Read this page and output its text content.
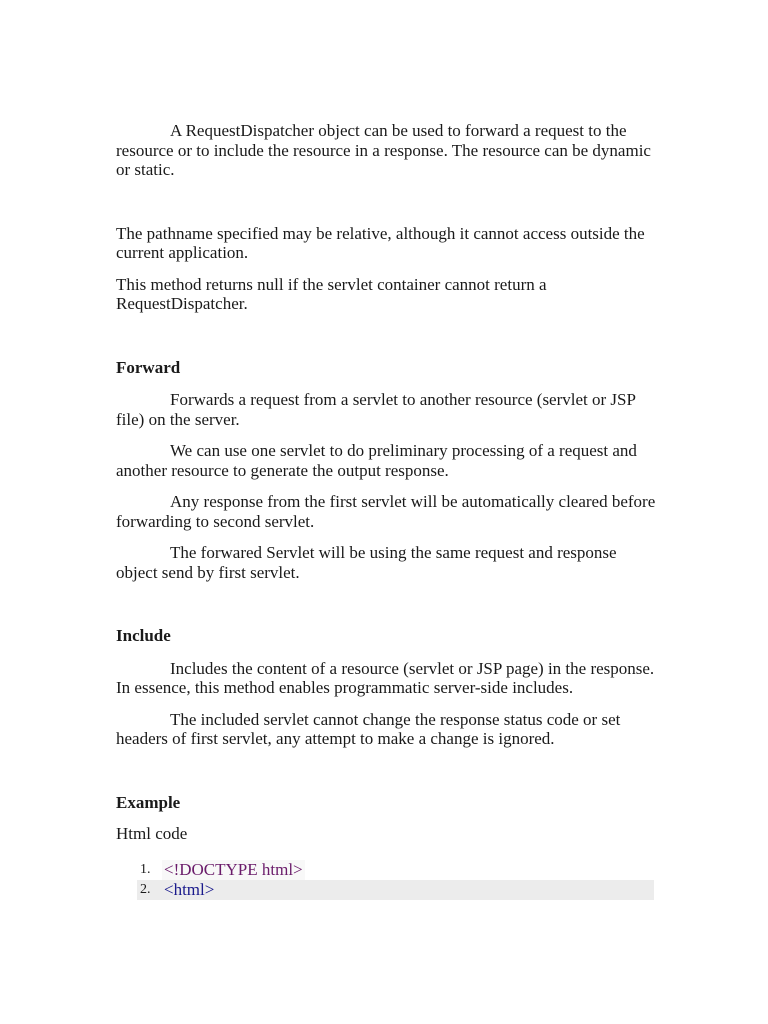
A RequestDispatcher object can be used to forward a request to the resource or to include the resource in a response. The resource can be dynamic or static.

The pathname specified may be relative, although it cannot access outside the current application.

This method returns null if the servlet container cannot return a RequestDispatcher.

Forward

Forwards a request from a servlet to another resource (servlet or JSP file) on the server.

We can use one servlet to do preliminary processing of a request and another resource to generate the output response.

Any response from the first servlet will be automatically cleared before forwarding to second servlet.

The forwared Servlet will be using the same request and response object send by first servlet.

Include

Includes the content of a resource (servlet or JSP page) in the response. In essence, this method enables programmatic server-side includes.

The included servlet cannot change the response status code or set headers of first servlet, any attempt to make a change is ignored.

Example

Html code

1. <!DOCTYPE html>
2. <html>
